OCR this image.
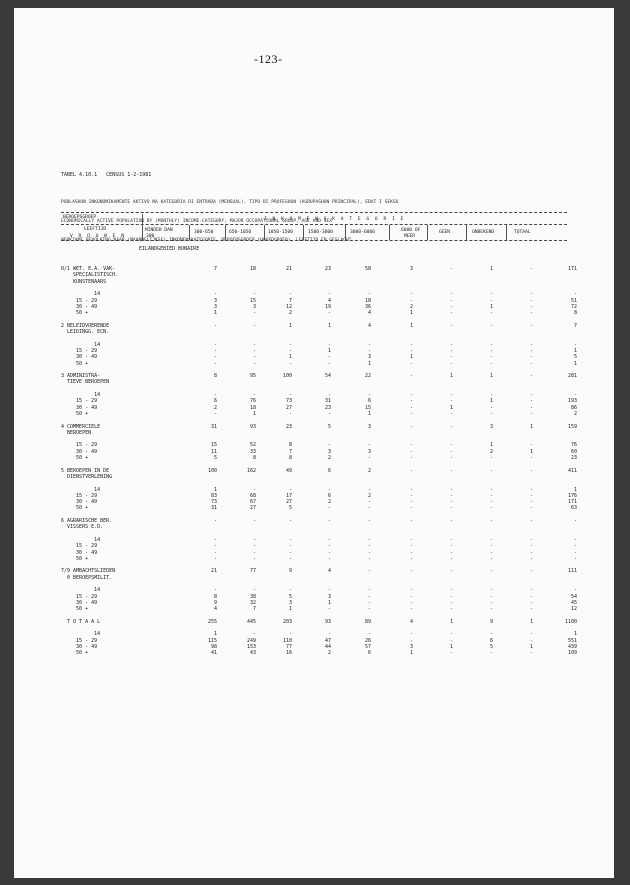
-123-
TABEL 4.10.1   CENSUS 1-2-1981

POBLASHON INKONOMIKAMENTE AKTIVO NA KATEGORIA DI ENTRADA (MENSUAL), TIPO DI PROFESHON (AGRUPASHON PRINCIPAL), EDAT I SEKSO

ECONOMICALLY ACTIVE POPULATION BY (MONTHLY) INCOME-CATEGORY, MAJOR OCCUPATIONAL GROUP, AGE AND SEX

WERKZAME BEVOLKING NAAR (MAANDELIJKSE) INKOMENSKATEGORIE, BEROEPSGROEP (HOOFDGROEP), LEEFTIJD EN GESLACHT

BEROEPSGROEP	I N K O M E N S K A T E G O R I E
LEEFTIJD
V R O U W E N
MINDER DAN
300
300-650	650-1050	1050-1500	1500-3000	3000-6000	6000 OF
MEER
GEEN	ONBEKEND	TOTAAL
EILANDGEBIED BONAIRE
0/1 WET. E.A. VAK-	7	18	21	23	58	3	-	1	-	171
SPECIALISTISCH.
KUNSTENAARS
14	-	-	-	-	-	-	-	-	-	-
15 - 29	3	15	7	4	18	-	-	-	-	51
30 - 49	3	3	12	19	36	2	-	1	-	72
50 +	1	-	2	-	4	1	-	-	-	8
2 BELEIDVOERENDE	-	-	1	1	4	1	-	-	-	7
LEIDINGG. ECN.
14	-	-	-	-	-	-	-	-	-	-
15 - 29	-	-	-	1	-	-	-	-	-	1
30 - 49	-	-	1	-	3	1	-	-	-	5
50 +	-	-	-	-	1	-	-	-	-	1
3 ADMINISTRA-	8	95	100	54	22	-	1	1	-	281
TIEVE BEROEPEN
14	-	-	-	-	-	-	-	-	-	-
15 - 29	6	76	73	31	6	-	-	1	-	193
30 - 49	2	18	27	23	15	-	1	-	-	86
50 +	-	1	-	-	1	-	-	-	-	2
4 COMMERCIELE	31	93	23	5	3	-	-	3	1	159
BEROEPEN
15 - 29	15	52	8	-	-	-	-	1	-	76
30 - 49	11	33	7	3	3	-	-	2	1	60
50 +	5	8	8	2	-	-	-	-	-	23
5 BEROEPEN IN DE	100	162	49	6	2	-	-	-	-	411
DIENSTVERLENING
14	1	-	-	-	-	-	-	-	-	1
15 - 29	83	68	17	6	2	-	-	-	-	176
30 - 49	73	67	27	2	-	-	-	-	-	171
50 +	31	27	5	-	-	-	-	-	-	63
6 AGRARISCHE BER.	-	-	-	-	-	-	-	-	-	-
VISSERS E.D.
14	-	-	-	-	-	-	-	-	-	-
15 - 29	-	-	-	-	-	-	-	-	-	-
30 - 49	-	-	-	-	-	-	-	-	-	-
50 +	-	-	-	-	-	-	-	-	-	-
7/9 AMBACHTSLIEDEN	21	77	9	4	-	-	-	-	-	111
0 BEROEPSMILIT.
14	-	-	-	-	-	-	-	-	-	-
15 - 29	8	38	5	3	-	-	-	-	-	54
30 - 49	9	32	3	1	-	-	-	-	-	45
50 +	4	7	1	-	-	-	-	-	-	12
T O T A A L	255	445	203	93	89	4	1	9	1	1100
14	1	-	-	-	-	-	-	-	-	1
15 - 29	115	249	110	47	26	-	-	6	-	551
30 - 49	98	153	77	44	57	3	1	5	1	439
50 +	41	43	16	2	6	1	-	-	-	109
